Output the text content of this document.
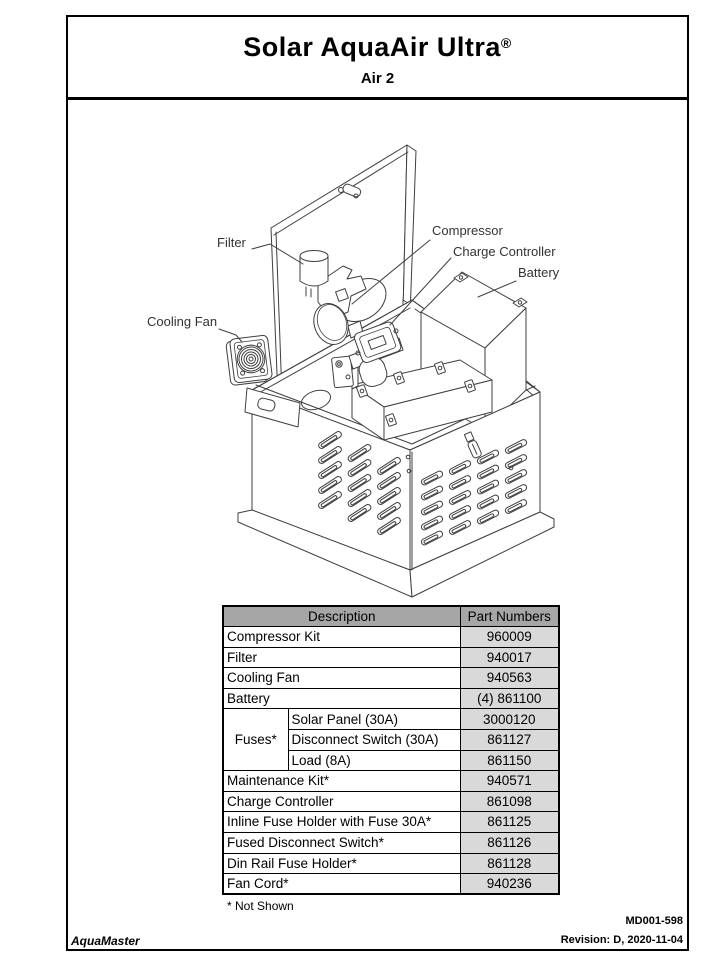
Solar AquaAir Ultra®
Air 2
Filter
Cooling Fan
Compressor
Charge Controller
Battery
Description		Part Numbers
Compressor Kit		960009
Filter		940017
Cooling Fan		940563
Battery		(4) 861100
Fuses*	Solar Panel (30A)	3000120
	Disconnect Switch (30A)	861127
	Load (8A)	861150
Maintenance Kit*		940571
Charge Controller		861098
Inline Fuse Holder with Fuse 30A*		861125
Fused Disconnect Switch*		861126
Din Rail Fuse Holder*		861128
Fan Cord*		940236
* Not Shown
AquaMaster
MD001-598
Revision: D, 2020-11-04
